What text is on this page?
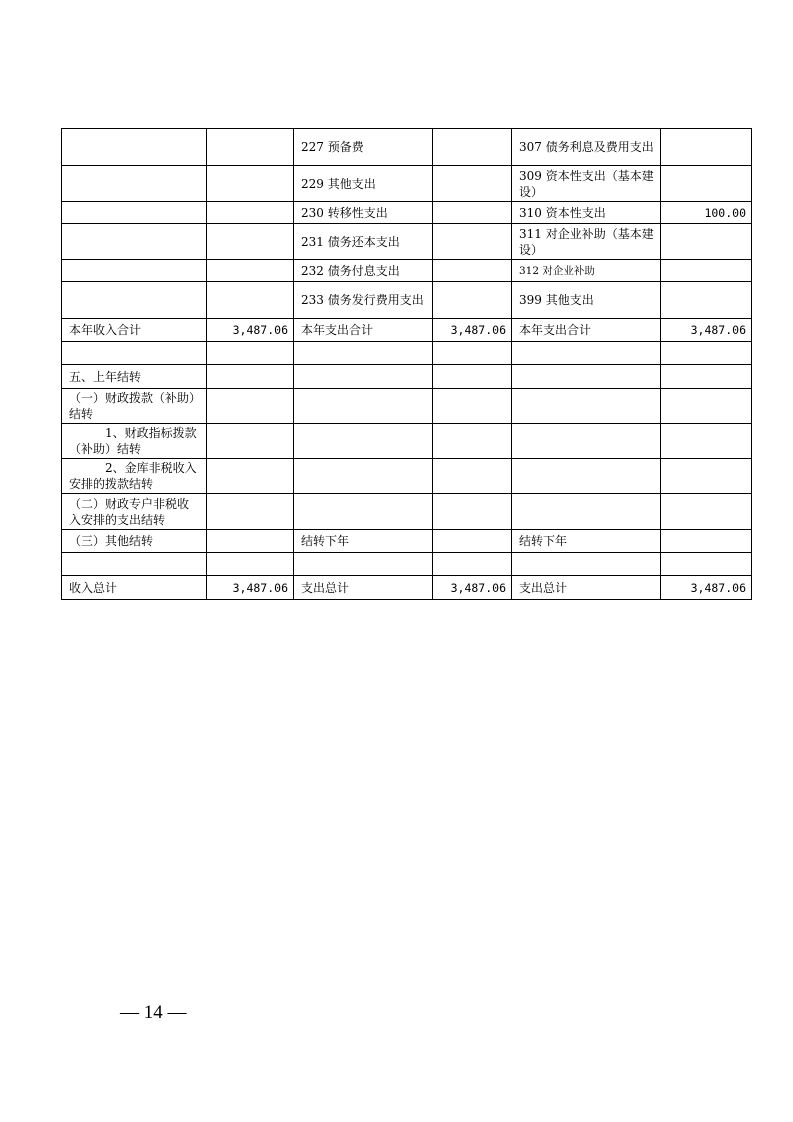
		227 预备费		307 债务利息及费用支出	
		229 其他支出		309 资本性支出（基本建设）	
		230 转移性支出		310 资本性支出	100.00
		231 债务还本支出		311 对企业补助（基本建设）	
		232 债务付息支出		312 对企业补助	
		233 债务发行费用支出		399 其他支出	
本年收入合计	3,487.06	本年支出合计	3,487.06	本年支出合计	3,487.06

五、上年结转					
（一）财政拨款（补助）结转					
1、财政指标拨款（补助）结转					
2、金库非税收入安排的拨款结转					
（二）财政专户非税收入安排的支出结转					
（三）其他结转		结转下年		结转下年	

收入总计	3,487.06	支出总计	3,487.06	支出总计	3,487.06
— 14 —
